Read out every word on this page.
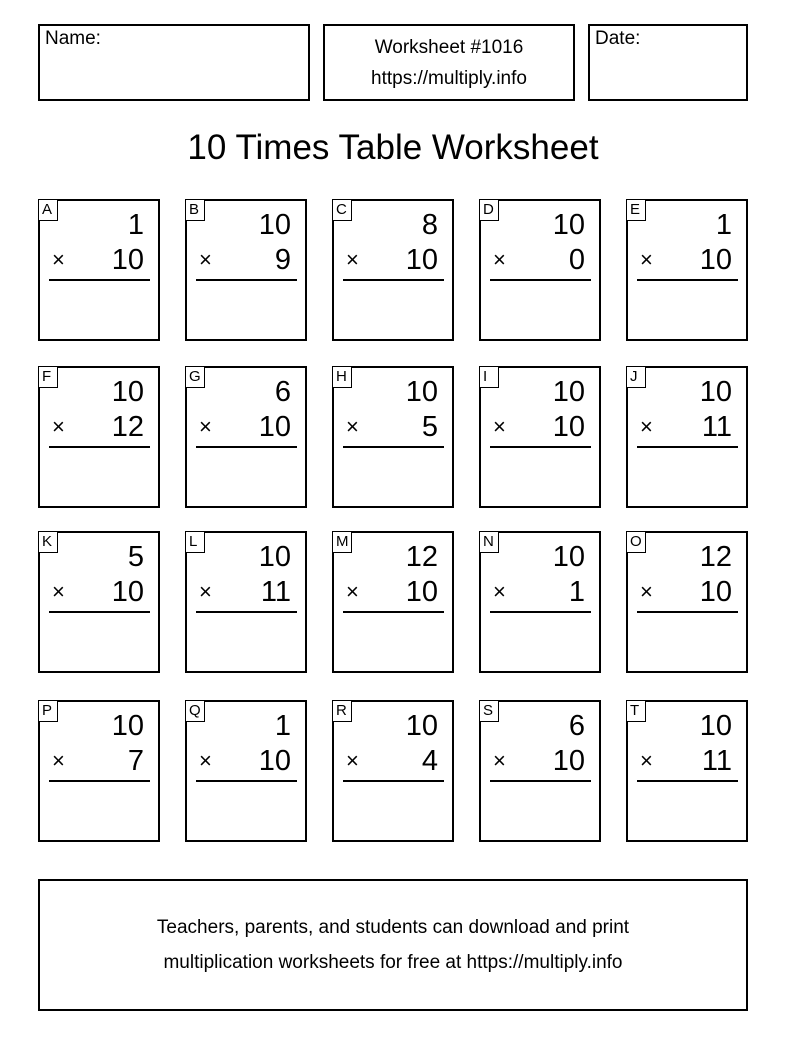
Name:	Worksheet #1016
https://multiply.info
Date:
10 Times Table Worksheet
A	1
× 10
B 10
× 9
C	8
× 10
D 10
× 0
E	1
× 10
F 10
× 12
G	6
× 10
H 10
× 5
I	10
× 10
J 10
× 11
K	5
× 10
L 10
× 11
M 12
× 10
N 10
× 1
O 12
× 10
P 10
× 7
Q	1
× 10
R 10
× 4
S	6
× 10
T 10
× 11
Teachers, parents, and students can download and print
multiplication worksheets for free at https://multiply.info
